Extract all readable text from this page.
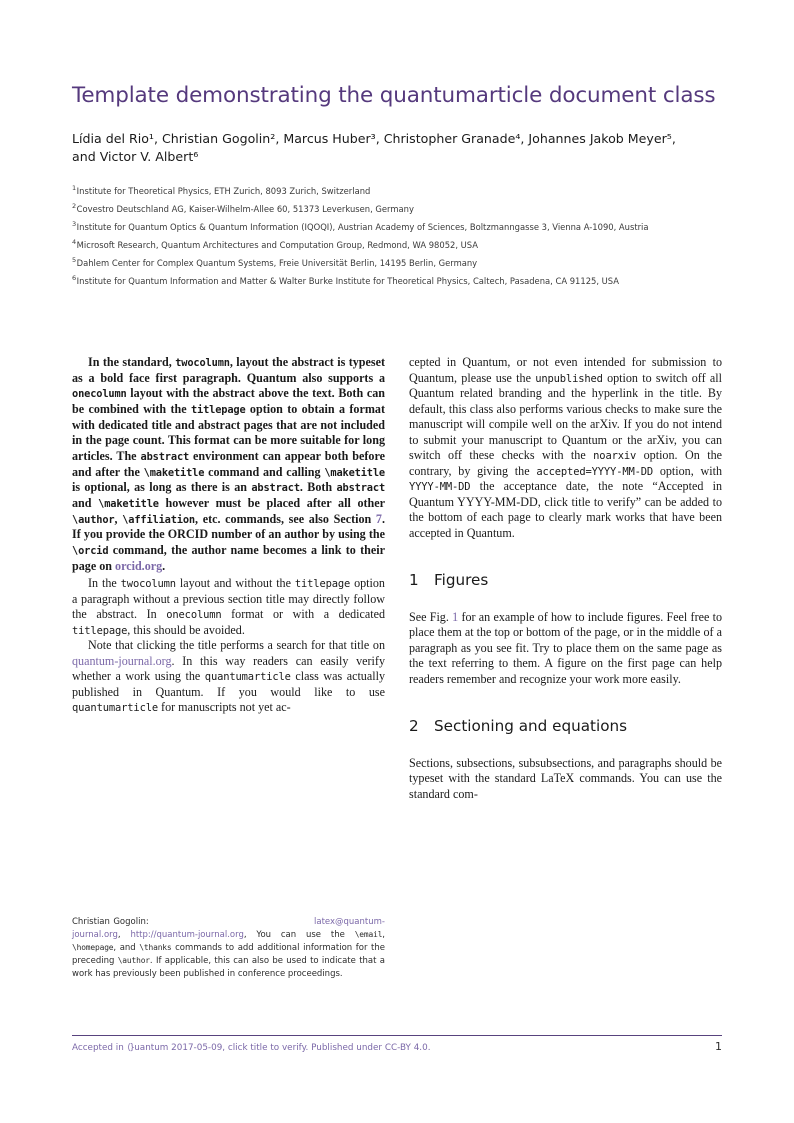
Template demonstrating the quantumarticle document class
Lídia del Rio¹, Christian Gogolin², Marcus Huber³, Christopher Granade⁴, Johannes Jakob Meyer⁵,
and Victor V. Albert⁶
$^1$Institute for Theoretical Physics, ETH Zurich, 8093 Zurich, Switzerland
$^2$Covestro Deutschland AG, Kaiser-Wilhelm-Allee 60, 51373 Leverkusen, Germany
$^3$Institute for Quantum Optics & Quantum Information (IQOQI), Austrian Academy of Sciences, Boltzmanngasse 3, Vienna A-1090, Austria
$^4$Microsoft Research, Quantum Architectures and Computation Group, Redmond, WA 98052, USA
$^5$Dahlem Center for Complex Quantum Systems, Freie Universität Berlin, 14195 Berlin, Germany
$^6$Institute for Quantum Information and Matter & Walter Burke Institute for Theoretical Physics, Caltech, Pasadena, CA 91125, USA

In the standard, twocolumn, layout the abstract is typeset as a bold face first paragraph. Quantum also supports a onecolumn layout with the abstract above the text. Both can be combined with the titlepage option to obtain a format with dedicated title and abstract pages that are not included in the page count. This format can be more suitable for long articles. The abstract environment can appear both before and after the \maketitle command and calling \maketitle is optional, as long as there is an abstract. Both abstract and \maketitle however must be placed after all other \author, \affiliation, etc. commands, see also Section 7. If you provide the ORCID number of an author by using the \orcid command, the author name becomes a link to their page on orcid.org.

In the twocolumn layout and without the titlepage option a paragraph without a previous section title may directly follow the abstract. In onecolumn format or with a dedicated titlepage, this should be avoided.

Note that clicking the title performs a search for that title on quantum-journal.org. In this way readers can easily verify whether a work using the quantumarticle class was actually published in Quantum. If you would like to use quantumarticle for manuscripts not yet ac-

cepted in Quantum, or not even intended for submission to Quantum, please use the unpublished option to switch off all Quantum related branding and the hyperlink in the title. By default, this class also performs various checks to make sure the manuscript will compile well on the arXiv. If you do not intend to submit your manuscript to Quantum or the arXiv, you can switch off these checks with the noarxiv option. On the contrary, by giving the accepted=YYYY-MM-DD option, with YYYY-MM-DD the acceptance date, the note “Accepted in Quantum YYYY-MM-DD, click title to verify” can be added to the bottom of each page to clearly mark works that have been accepted in Quantum.

1 Figures

See Fig. 1 for an example of how to include figures. Feel free to place them at the top or bottom of the page, or in the middle of a paragraph as you see fit. Try to place them on the same page as the text referring to them. A figure on the first page can help readers remember and recognize your work more easily.

2 Sectioning and equations

Sections, subsections, subsubsections, and paragraphs should be typeset with the standard LaTeX commands. You can use the standard com-

Christian Gogolin:	latex@quantum-journal.org, http://quantum-journal.org, You can use the \email, \homepage, and \thanks commands to add additional information for the preceding \author. If applicable, this can also be used to indicate that a work has previously been published in conference proceedings.
Accepted in ⟨}uantum 2017-05-09, click title to verify. Published under CC-BY 4.0.	1
